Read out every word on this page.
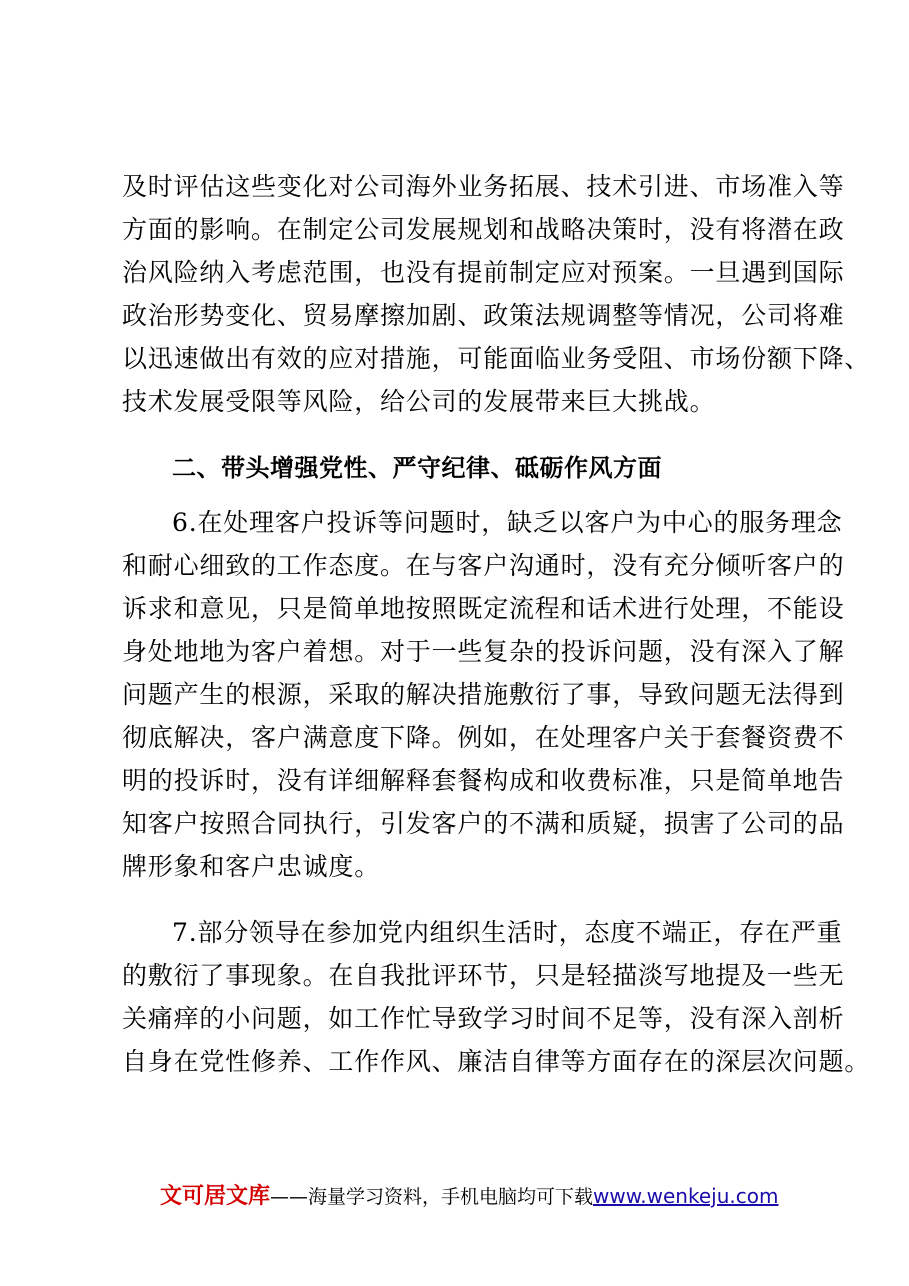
及时评估这些变化对公司海外业务拓展、技术引进、市场准入等
方面的影响。在制定公司发展规划和战略决策时，没有将潜在政
治风险纳入考虑范围，也没有提前制定应对预案。一旦遇到国际
政治形势变化、贸易摩擦加剧、政策法规调整等情况，公司将难
以迅速做出有效的应对措施，可能面临业务受阻、市场份额下降、
技术发展受限等风险，给公司的发展带来巨大挑战。
二、带头增强党性、严守纪律、砥砺作风方面
6.在处理客户投诉等问题时，缺乏以客户为中心的服务理念
和耐心细致的工作态度。在与客户沟通时，没有充分倾听客户的
诉求和意见，只是简单地按照既定流程和话术进行处理，不能设
身处地地为客户着想。对于一些复杂的投诉问题，没有深入了解
问题产生的根源，采取的解决措施敷衍了事，导致问题无法得到
彻底解决，客户满意度下降。例如，在处理客户关于套餐资费不
明的投诉时，没有详细解释套餐构成和收费标准，只是简单地告
知客户按照合同执行，引发客户的不满和质疑，损害了公司的品
牌形象和客户忠诚度。
7.部分领导在参加党内组织生活时，态度不端正，存在严重
的敷衍了事现象。在自我批评环节，只是轻描淡写地提及一些无
关痛痒的小问题，如工作忙导致学习时间不足等，没有深入剖析
自身在党性修养、工作作风、廉洁自律等方面存在的深层次问题。
文可居文库——海量学习资料，手机电脑均可下载www.wenkeju.com
